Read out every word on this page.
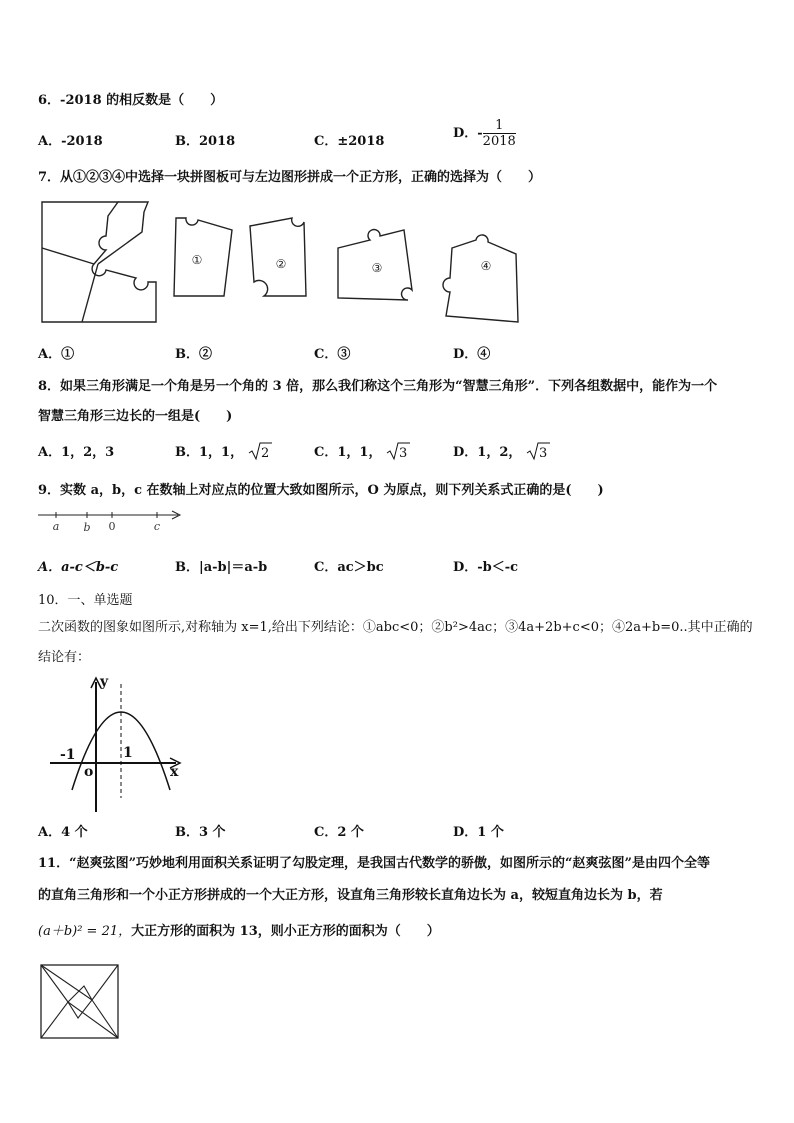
6．-2018 的相反数是（　　）
A．-2018	B．2018	C．±2018
D．- $\frac{1}{2018}$
7．从①②③④中选择一块拼图板可与左边图形拼成一个正方形，正确的选择为（　　）
①	②	③	④
A．①	B．②	C．③	D．④
8．如果三角形满足一个角是另一个角的 3 倍，那么我们称这个三角形为“智慧三角形”．下列各组数据中，能作为一个
智慧三角形三边长的一组是(　　)
A．1，2，3	B．1，1， 2	C．1，1， 3	D．1，2， 3
9．实数 a，b，c 在数轴上对应点的位置大致如图所示，O 为原点，则下列关系式正确的是(　　)
a b 0	c
A．a-c＜b-c	B．|a-b|＝a-b	C．ac＞bc	D．-b＜-c
10．一、单选题
二次函数的图象如图所示,对称轴为 x=1,给出下列结论：①abc<0；②b²>4ac；③4a+2b+c<0；④2a+b=0..其中正确的
结论有：
y
x
o
-1	1
A．4 个	B．3 个	C．2 个	D．1 个
11．“赵爽弦图”巧妙地利用面积关系证明了勾股定理，是我国古代数学的骄傲，如图所示的“赵爽弦图”是由四个全等
的直角三角形和一个小正方形拼成的一个大正方形，设直角三角形较长直角边长为 a，较短直角边长为 b，若
(a＋b)² = 21，大正方形的面积为 13，则小正方形的面积为（　　）
